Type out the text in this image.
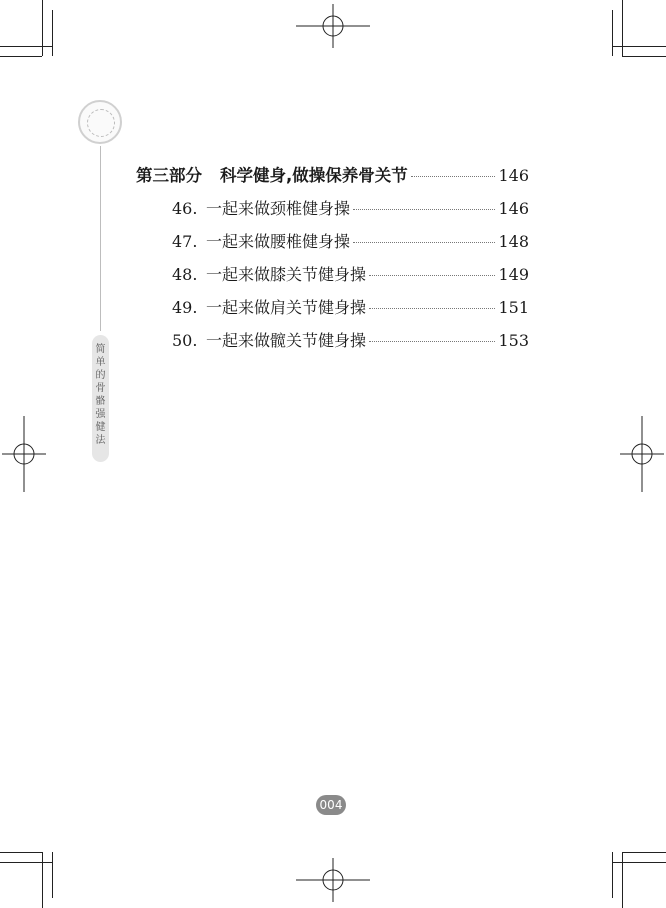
简
单
的
骨
骼
强
健
法
第三部分 科学健身,做操保养骨关节	146
46. 一起来做颈椎健身操	146
47. 一起来做腰椎健身操	148
48. 一起来做膝关节健身操	149
49. 一起来做肩关节健身操	151
50. 一起来做髋关节健身操	153
004
